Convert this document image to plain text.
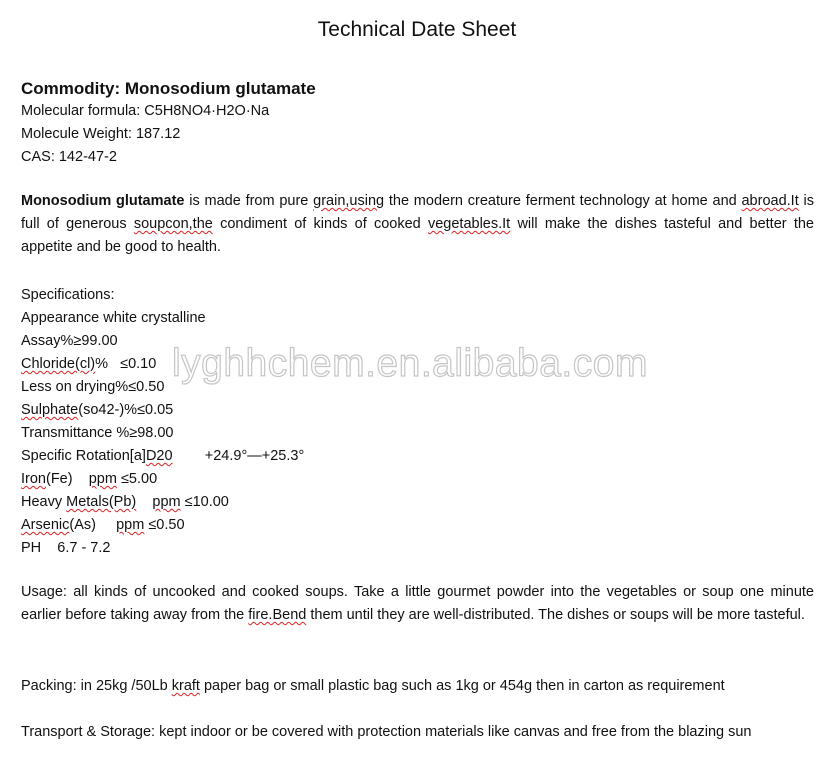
Technical Date Sheet
Commodity: Monosodium glutamate
Molecular formula: C5H8NO4·H2O·Na
Molecule Weight: 187.12
CAS: 142-47-2
Monosodium glutamate is made from pure grain,using the modern creature ferment technology at home and abroad.It is full of generous soupcon,the condiment of kinds of cooked vegetables.It will make the dishes tasteful and better the appetite and be good to health.
Specifications:
Appearance white crystalline
Assay%≥99.00
Chloride(cl)%   ≤0.10
Less on drying%≤0.50
Sulphate(so42-)%≤0.05
Transmittance %≥98.00
Specific Rotation[a]D20        +24.9°—+25.3°
Iron(Fe)    ppm ≤5.00
Heavy Metals(Pb) ppm ≤10.00
Arsenic(As)     ppm ≤0.50
PH    6.7 - 7.2
Usage: all kinds of uncooked and cooked soups. Take a little gourmet powder into the vegetables or soup one minute earlier before taking away from the fire.Bend them until they are well-distributed. The dishes or soups will be more tasteful.
Packing: in 25kg /50Lb kraft paper bag or small plastic bag such as 1kg or 454g then in carton as requirement
Transport & Storage: kept indoor or be covered with protection materials like canvas and free from the blazing sun
lyghhchem.en.alibaba.com
